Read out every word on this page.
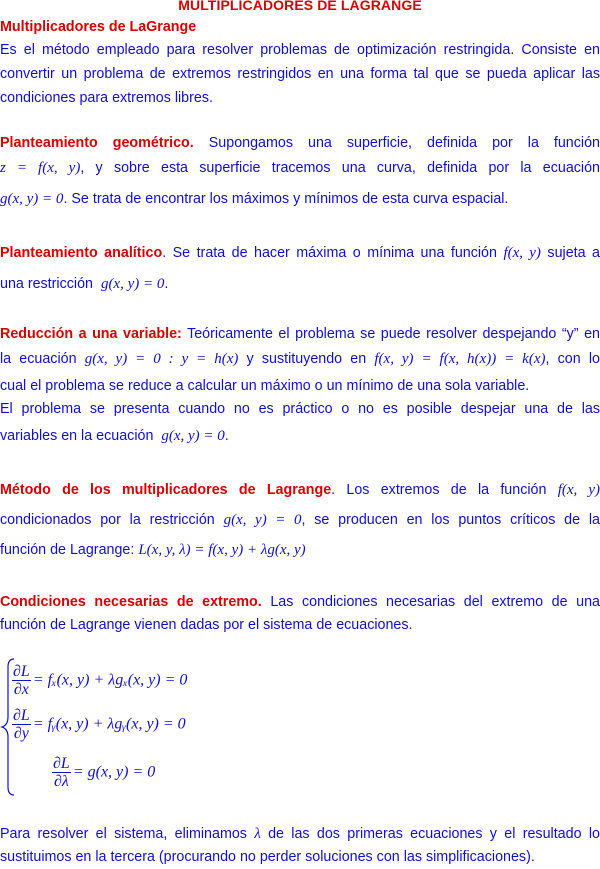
MULTIPLICADORES DE LAGRANGE
Multiplicadores de LaGrange
Es el método empleado para resolver problemas de optimización restringida. Consiste en
convertir un problema de extremos restringidos en una forma tal que se pueda aplicar las
condiciones para extremos libres.
Planteamiento geométrico. Supongamos una superficie, definida por la función
z = f(x, y), y sobre esta superficie tracemos una curva, definida por la ecuación
g(x, y) = 0. Se trata de encontrar los máximos y mínimos de esta curva espacial.
Planteamiento analítico. Se trata de hacer máxima o mínima una función f(x, y) sujeta a
una restricción g(x, y) = 0.
Reducción a una variable: Teóricamente el problema se puede resolver despejando “y” en
la ecuación g(x, y) = 0 : y = h(x) y sustituyendo en f(x, y) = f(x, h(x)) = k(x), con lo
cual el problema se reduce a calcular un máximo o un mínimo de una sola variable.
El problema se presenta cuando no es práctico o no es posible despejar una de las
variables en la ecuación g(x, y) = 0.
Método de los multiplicadores de Lagrange. Los extremos de la función f(x, y)
condicionados por la restricción g(x, y) = 0, se producen en los puntos críticos de la
función de Lagrange: L(x, y, λ) = f(x, y) + λg(x, y)
Condiciones necesarias de extremo. Las condiciones necesarias del extremo de una
función de Lagrange vienen dadas por el sistema de ecuaciones.
$\frac{\partial L}{\partial x} = f_x(x$, y) + λgₓ(x, y) = 0
$\frac{\partial L}{\partial y}$ = fᵧ(x, y) + λgᵧ(x, y) = 0
$\frac{\partial L}{\partial\lambda} = g(x$, y) = 0
Para resolver el sistema, eliminamos λ de las dos primeras ecuaciones y el resultado lo
sustituimos en la tercera (procurando no perder soluciones con las simplificaciones).
